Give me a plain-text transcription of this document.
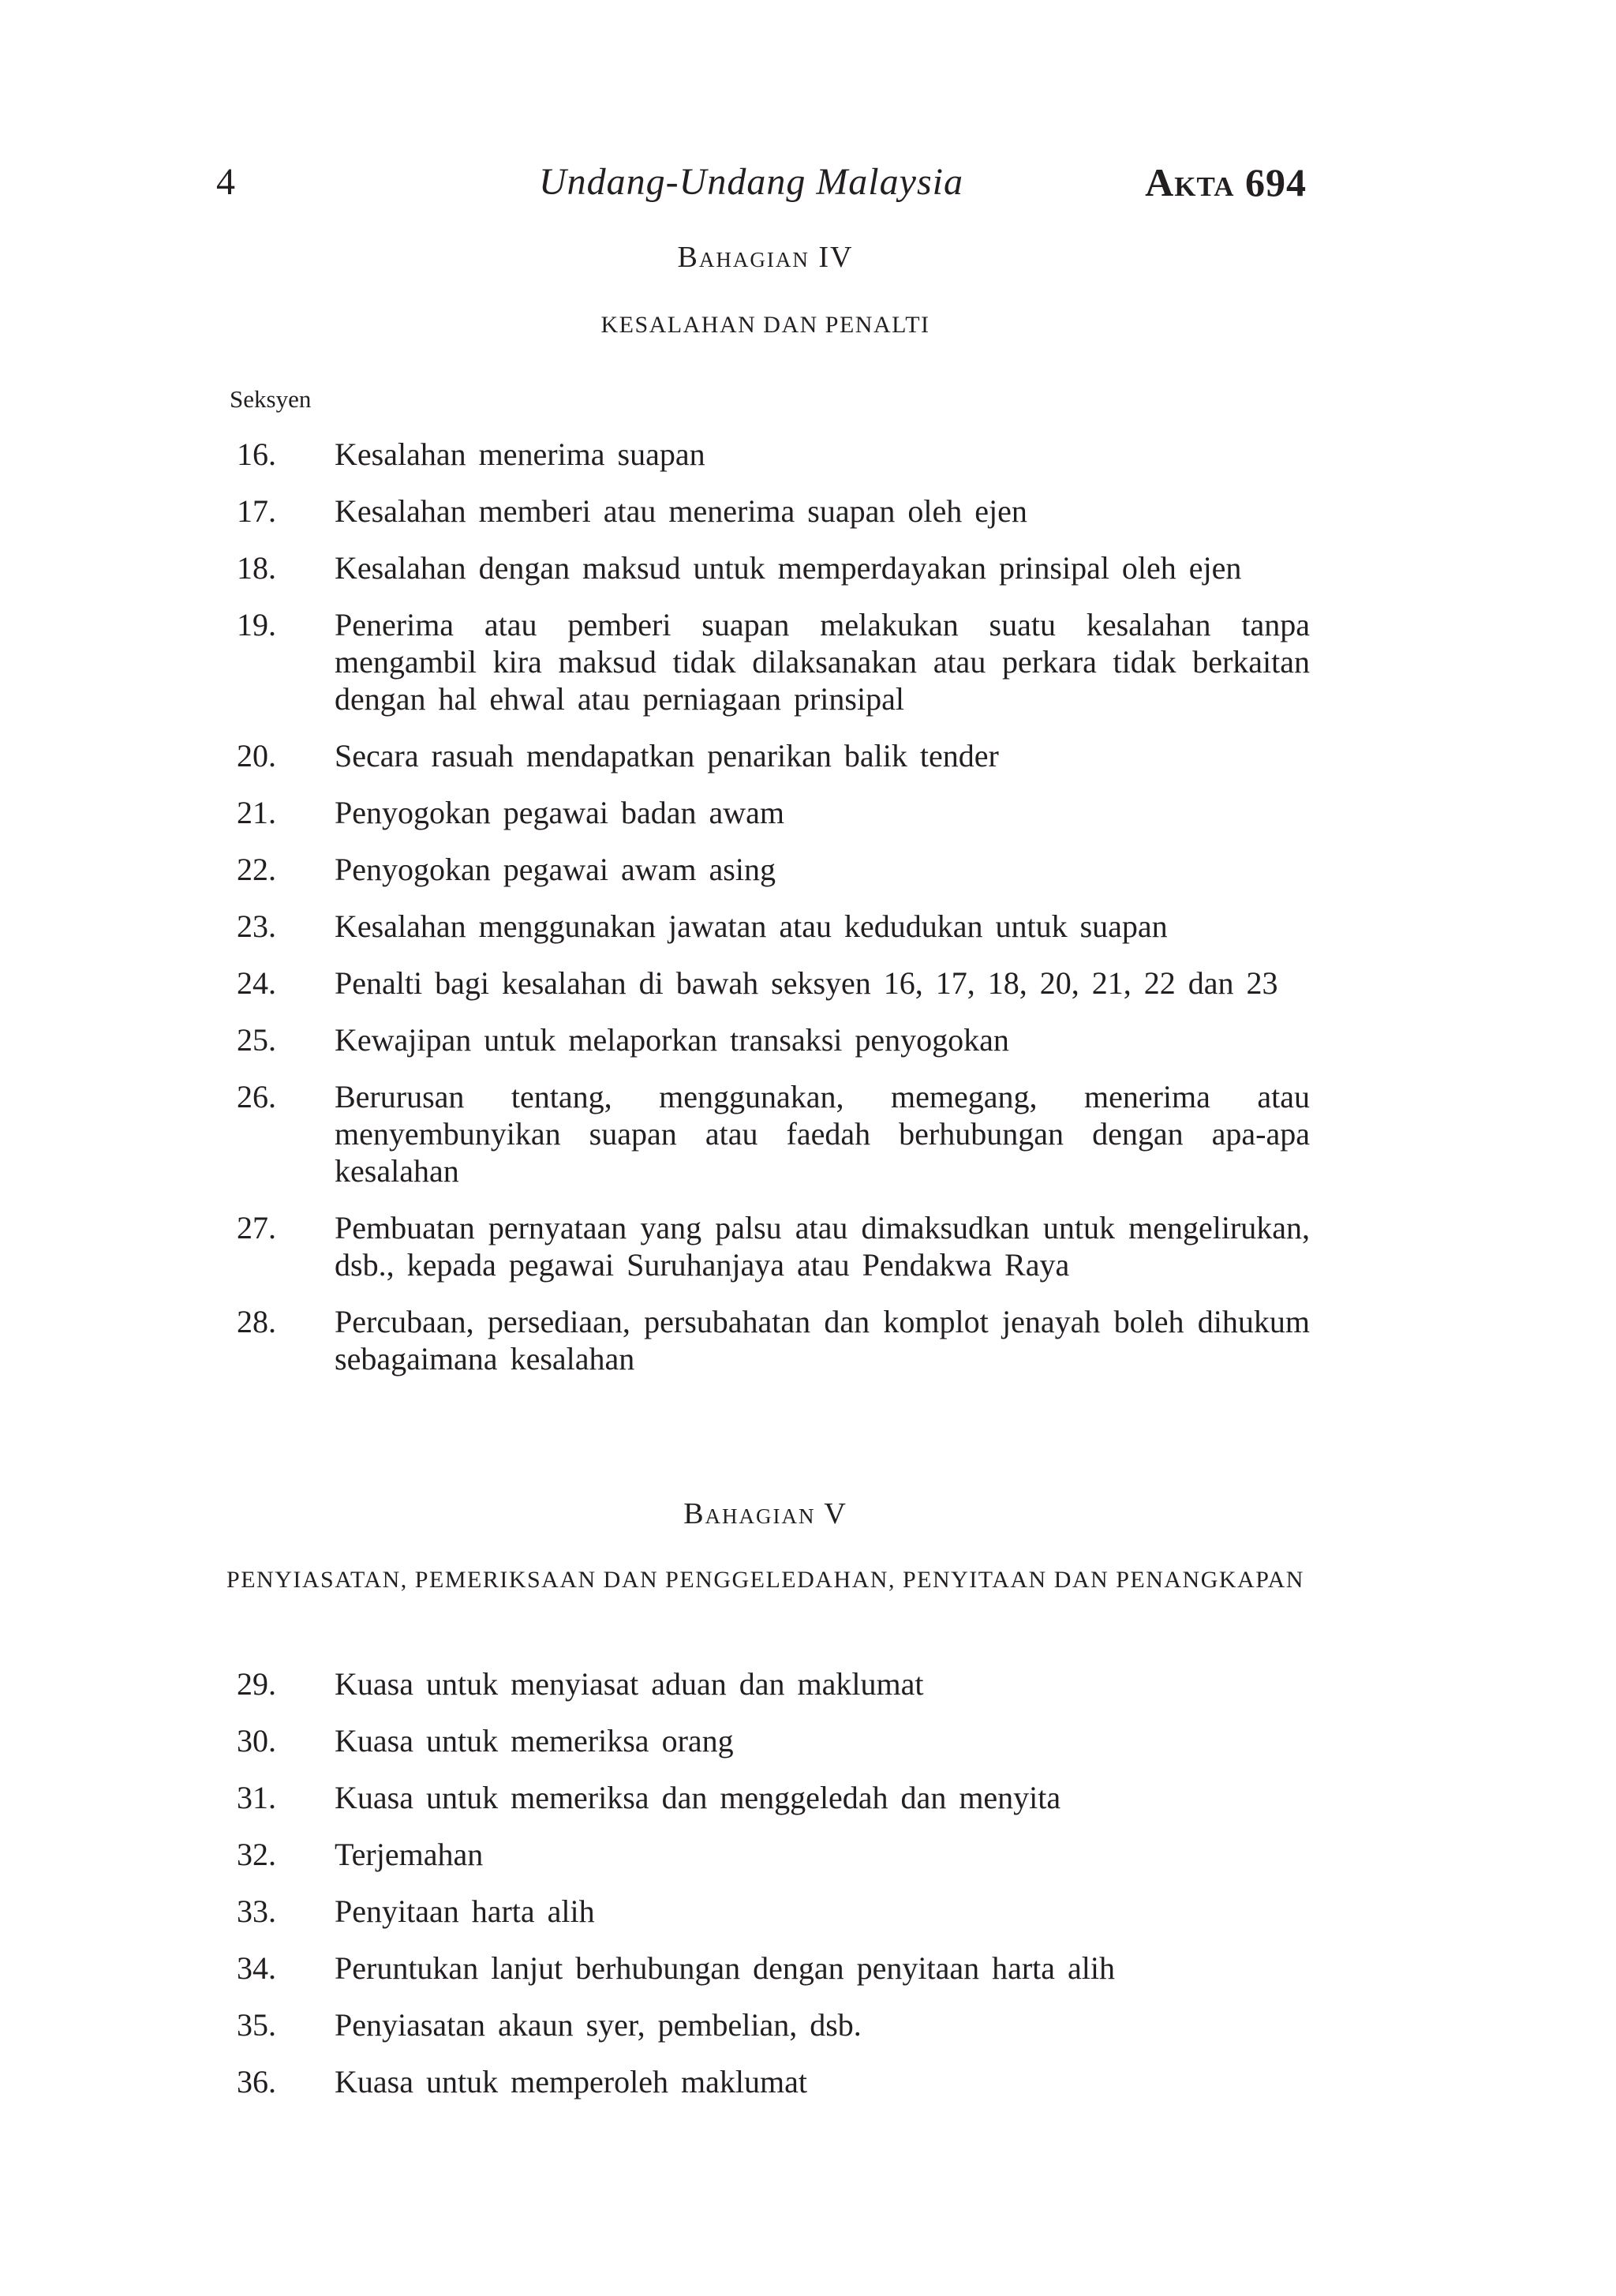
4	Undang-Undang Malaysia	Akta 694
Bahagian IV
KESALAHAN DAN PENALTI
Seksyen
16.	Kesalahan menerima suapan
17.	Kesalahan memberi atau menerima suapan oleh ejen
18.	Kesalahan dengan maksud untuk memperdayakan prinsipal oleh ejen
19.	Penerima atau pemberi suapan melakukan suatu kesalahan tanpa mengambil kira maksud tidak dilaksanakan atau perkara tidak berkaitan dengan hal ehwal atau perniagaan prinsipal
20.	Secara rasuah mendapatkan penarikan balik tender
21.	Penyogokan pegawai badan awam
22.	Penyogokan pegawai awam asing
23.	Kesalahan menggunakan jawatan atau kedudukan untuk suapan
24.	Penalti bagi kesalahan di bawah seksyen 16, 17, 18, 20, 21, 22 dan 23
25.	Kewajipan untuk melaporkan transaksi penyogokan
26.	Berurusan tentang, menggunakan, memegang, menerima atau menyembunyikan suapan atau faedah berhubungan dengan apa-apa kesalahan
27.	Pembuatan pernyataan yang palsu atau dimaksudkan untuk mengelirukan, dsb., kepada pegawai Suruhanjaya atau Pendakwa Raya
28.	Percubaan, persediaan, persubahatan dan komplot jenayah boleh dihukum sebagaimana kesalahan
Bahagian V
PENYIASATAN, PEMERIKSAAN DAN PENGGELEDAHAN, PENYITAAN DAN PENANGKAPAN
29.	Kuasa untuk menyiasat aduan dan maklumat
30.	Kuasa untuk memeriksa orang
31.	Kuasa untuk memeriksa dan menggeledah dan menyita
32.	Terjemahan
33.	Penyitaan harta alih
34.	Peruntukan lanjut berhubungan dengan penyitaan harta alih
35.	Penyiasatan akaun syer, pembelian, dsb.
36.	Kuasa untuk memperoleh maklumat
